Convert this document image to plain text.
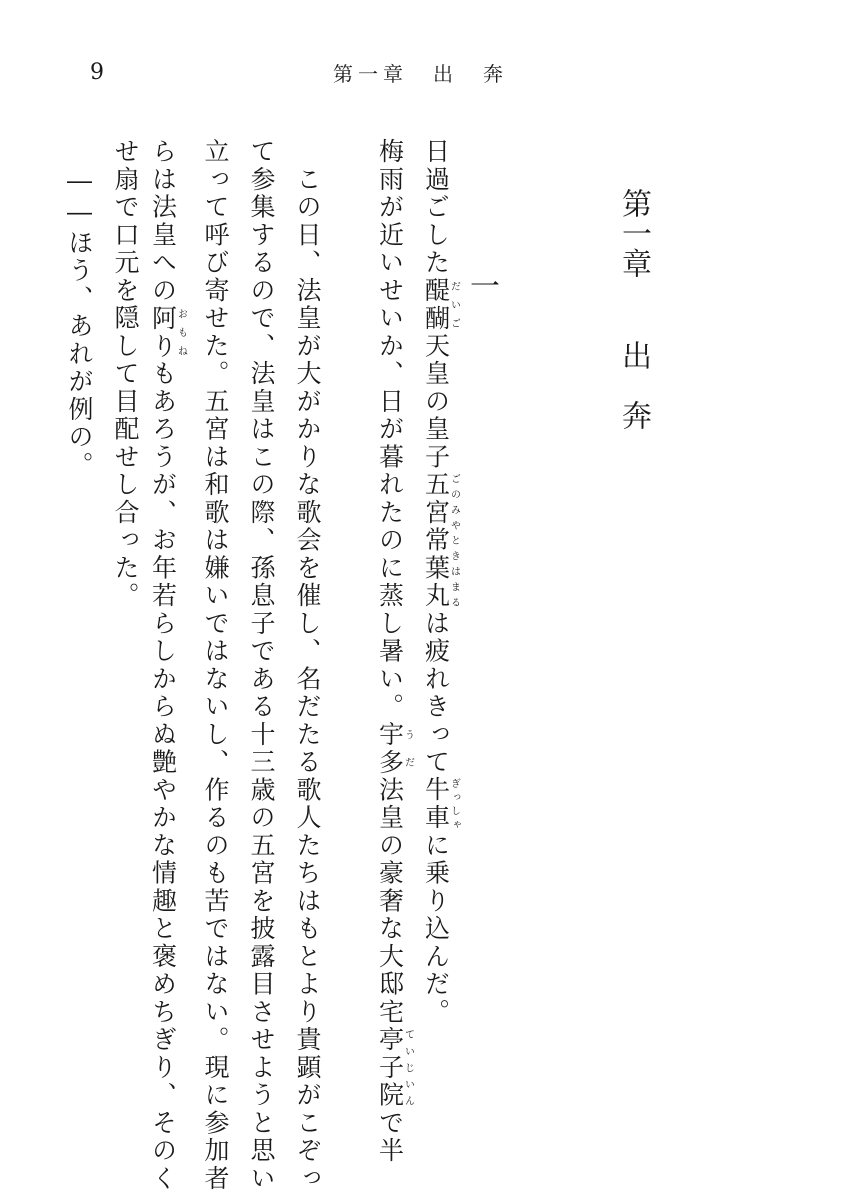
9	第一章　出　奔
第一章出　奔
一
梅雨が近いせいか、日が暮れたのに蒸し暑い。宇多うだ法皇の豪奢な大邸宅亭子院ていじいんで半
日過ごした醍醐だいご天皇の皇子五宮常葉丸ごのみやときはまるは疲れきって牛車ぎっしゃに乗り込んだ。
　この日、法皇が大がかりな歌会を催し、名だたる歌人たちはもとより貴顕がこぞっ
て参集するので、法皇はこの際、孫息子である十三歳の五宮を披露目させようと思い
立って呼び寄せた。五宮は和歌は嫌いではないし、作るのも苦ではない。現に参加者
らは法皇への阿りおもねもあろうが、お年若らしからぬ艶やかな情趣と褒めちぎり、そのく
せ扇で口元を隠して目配せし合った。
　――ほう、あれが例の。
